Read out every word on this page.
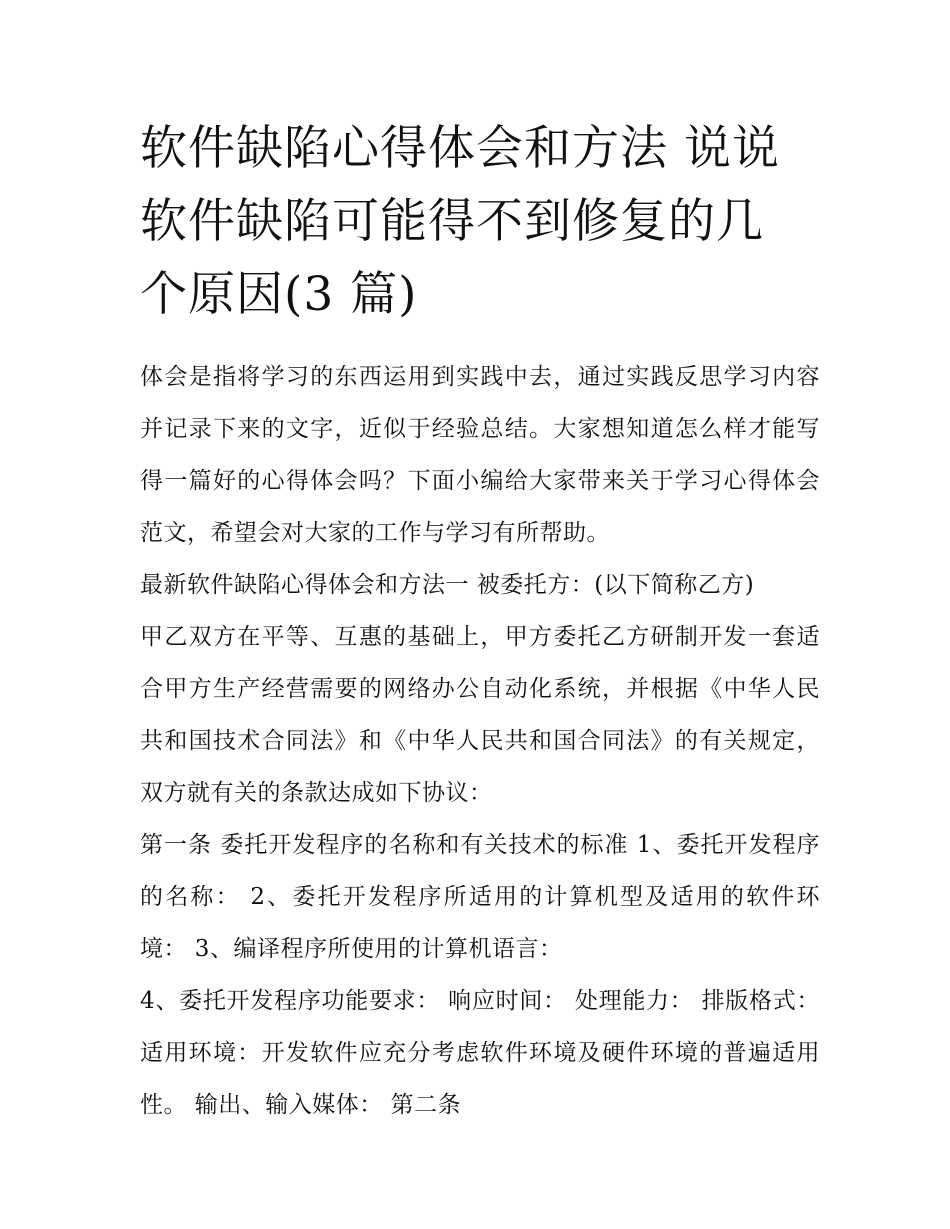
软件缺陷心得体会和方法 说说
软件缺陷可能得不到修复的几
个原因(3 篇)

体会是指将学习的东西运用到实践中去，通过实践反思学习内容并记录下来的文字，近似于经验总结。大家想知道怎么样才能写得一篇好的心得体会吗？下面小编给大家带来关于学习心得体会范文，希望会对大家的工作与学习有所帮助。

最新软件缺陷心得体会和方法一 被委托方：(以下简称乙方)

甲乙双方在平等、互惠的基础上，甲方委托乙方研制开发一套适合甲方生产经营需要的网络办公自动化系统，并根据《中华人民共和国技术合同法》和《中华人民共和国合同法》的有关规定，双方就有关的条款达成如下协议：

第一条 委托开发程序的名称和有关技术的标准 1、委托开发程序的名称： 2、委托开发程序所适用的计算机型及适用的软件环境： 3、编译程序所使用的计算机语言：

4、委托开发程序功能要求： 响应时间： 处理能力： 排版格式： 适用环境：开发软件应充分考虑软件环境及硬件环境的普遍适用性。 输出、输入媒体： 第二条
